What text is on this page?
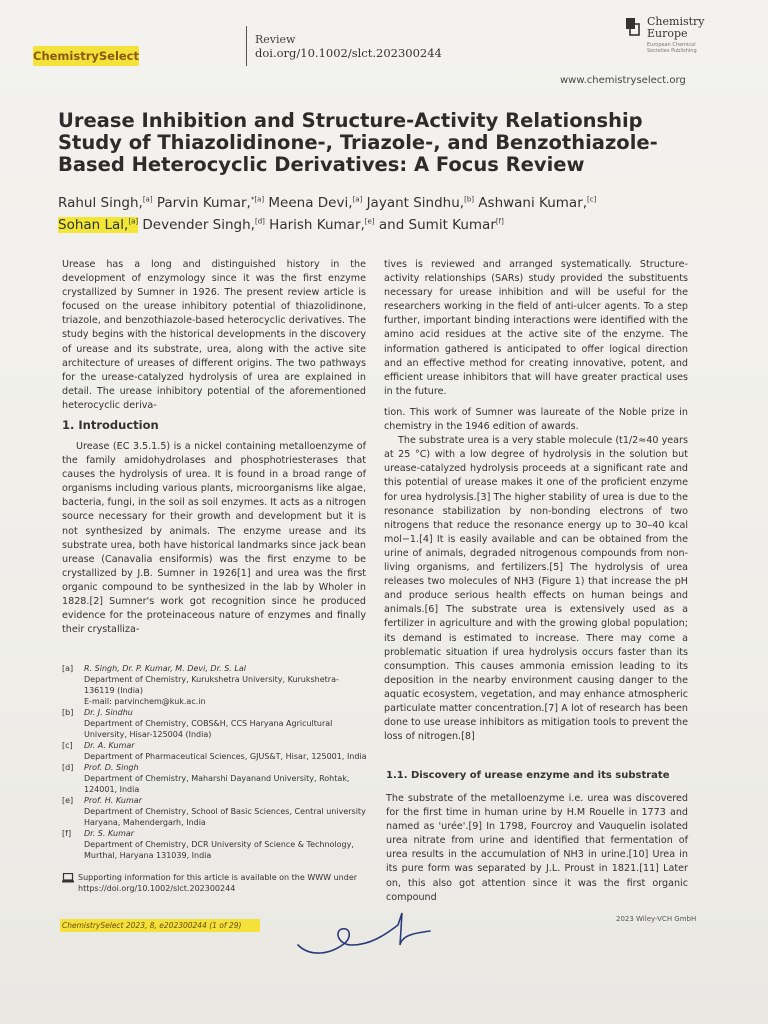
ChemistrySelect
Review
doi.org/10.1002/slct.202300244
Chemistry
Europe
European Chemical Societies Publishing
www.chemistryselect.org
Urease Inhibition and Structure-Activity Relationship Study of Thiazolidinone-, Triazole-, and Benzothiazole-Based Heterocyclic Derivatives: A Focus Review
Rahul Singh,[a] Parvin Kumar,$^{*[a]}$ Meena Devi,[a] Jayant Sindhu,[b] Ashwani Kumar,[c]
Sohan Lal,[a] Devender Singh,[d] Harish Kumar,[e] and Sumit Kumar[f]

Urease has a long and distinguished history in the development of enzymology since it was the first enzyme crystallized by Sumner in 1926. The present review article is focused on the urease inhibitory potential of thiazolidinone, triazole, and benzothiazole-based heterocyclic derivatives. The study begins with the historical developments in the discovery of urease and its substrate, urea, along with the active site architecture of ureases of different origins. The two pathways for the urease-catalyzed hydrolysis of urea are explained in detail. The urease inhibitory potential of the aforementioned heterocyclic deriva-

tives is reviewed and arranged systematically. Structure-activity relationships (SARs) study provided the substituents necessary for urease inhibition and will be useful for the researchers working in the field of anti-ulcer agents. To a step further, important binding interactions were identified with the amino acid residues at the active site of the enzyme. The information gathered is anticipated to offer logical direction and an effective method for creating innovative, potent, and efficient urease inhibitors that will have greater practical uses in the future.

1. Introduction

Urease (EC 3.5.1.5) is a nickel containing metalloenzyme of the family amidohydrolases and phosphotriesterases that causes the hydrolysis of urea. It is found in a broad range of organisms including various plants, microorganisms like algae, bacteria, fungi, in the soil as soil enzymes. It acts as a nitrogen source necessary for their growth and development but it is not synthesized by animals. The enzyme urease and its substrate urea, both have historical landmarks since jack bean urease (Canavalia ensiformis) was the first enzyme to be crystallized by J.B. Sumner in 1926[1] and urea was the first organic compound to be synthesized in the lab by Wholer in 1828.[2] Sumner's work got recognition since he produced evidence for the proteinaceous nature of enzymes and finally their crystalliza-

tion. This work of Sumner was laureate of the Noble prize in chemistry in the 1946 edition of awards.

The substrate urea is a very stable molecule (t1/2≈40 years at 25 °C) with a low degree of hydrolysis in the solution but urease-catalyzed hydrolysis proceeds at a significant rate and this potential of urease makes it one of the proficient enzyme for urea hydrolysis.[3] The higher stability of urea is due to the resonance stabilization by non-bonding electrons of two nitrogens that reduce the resonance energy up to 30–40 kcal mol−1.[4] It is easily available and can be obtained from the urine of animals, degraded nitrogenous compounds from non-living organisms, and fertilizers.[5] The hydrolysis of urea releases two molecules of NH3 (Figure 1) that increase the pH and produce serious health effects on human beings and animals.[6] The substrate urea is extensively used as a fertilizer in agriculture and with the growing global population; its demand is estimated to increase. There may come a problematic situation if urea hydrolysis occurs faster than its consumption. This causes ammonia emission leading to its deposition in the nearby environment causing danger to the aquatic ecosystem, vegetation, and may enhance atmospheric particulate matter concentration.[7] A lot of research has been done to use urease inhibitors as mitigation tools to prevent the loss of nitrogen.[8]

[a] R. Singh, Dr. P. Kumar, M. Devi, Dr. S. Lal
Department of Chemistry, Kurukshetra University, Kurukshetra-136119 (India)
E-mail: parvinchem@kuk.ac.in

[b] Dr. J. Sindhu
Department of Chemistry, COBS&H, CCS Haryana Agricultural University, Hisar-125004 (India)

[c] Dr. A. Kumar
Department of Pharmaceutical Sciences, GJUS&T, Hisar, 125001, India

[d] Prof. D. Singh
Department of Chemistry, Maharshi Dayanand University, Rohtak, 124001, India

[e] Prof. H. Kumar
Department of Chemistry, School of Basic Sciences, Central university Haryana, Mahendergarh, India

[f] Dr. S. Kumar
Department of Chemistry, DCR University of Science & Technology, Murthal, Haryana 131039, India

Supporting information for this article is available on the WWW under https://doi.org/10.1002/slct.202300244

1.1. Discovery of urease enzyme and its substrate

The substrate of the metalloenzyme i.e. urea was discovered for the first time in human urine by H.M Rouelle in 1773 and named as 'urée'.[9] In 1798, Fourcroy and Vauquelin isolated urea nitrate from urine and identified that fermentation of urea results in the accumulation of NH3 in urine.[10] Urea in its pure form was separated by J.L. Proust in 1821.[11] Later on, this also got attention since it was the first organic compound

ChemistrySelect 2023, 8, e202300244 (1 of 29)
2023 Wiley-VCH GmbH
